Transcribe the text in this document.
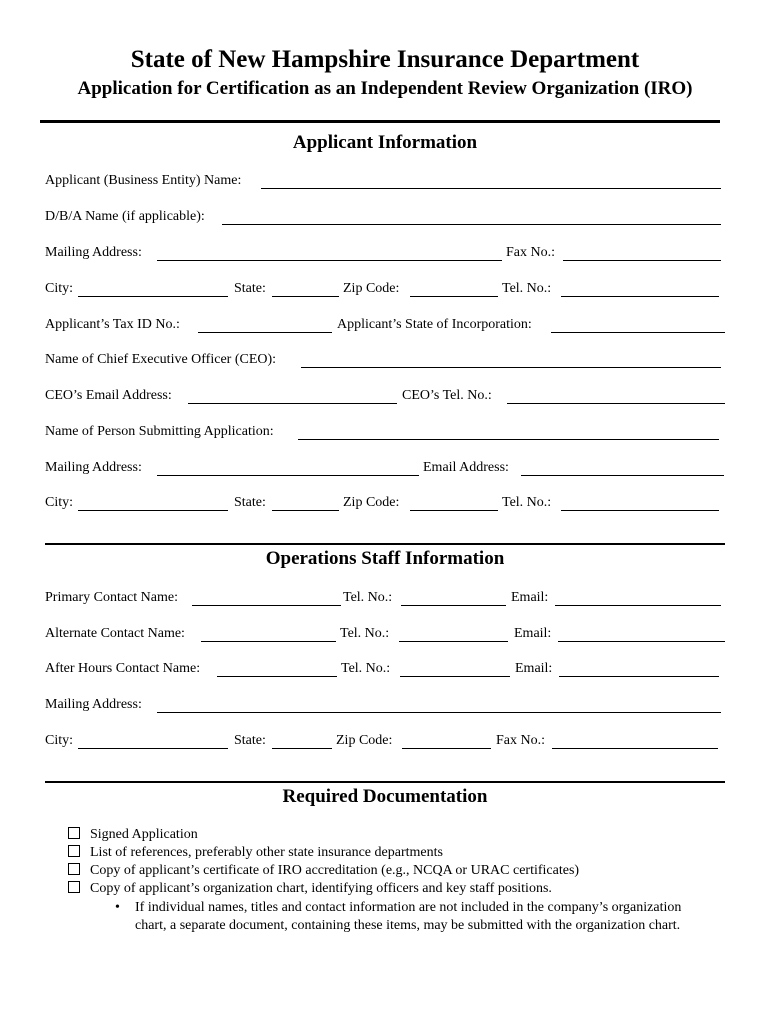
State of New Hampshire Insurance Department
Application for Certification as an Independent Review Organization (IRO)
Applicant Information
Applicant (Business Entity) Name:
D/B/A Name (if applicable):
Mailing Address:	Fax No.:
City:	State:	Zip Code:	Tel. No.:
Applicant’s Tax ID No.:	Applicant’s State of Incorporation:
Name of Chief Executive Officer (CEO):
CEO’s Email Address:	CEO’s Tel. No.:
Name of Person Submitting Application:
Mailing Address:	Email Address:
City:	State:	Zip Code:	Tel. No.:
Operations Staff Information
Primary Contact Name:	Tel. No.:	Email:
Alternate Contact Name:	Tel. No.:	Email:
After Hours Contact Name:	Tel. No.:	Email:
Mailing Address:
City:	State:	Zip Code:	Fax No.:
Required Documentation
Signed Application
List of references, preferably other state insurance departments
Copy of applicant’s certificate of IRO accreditation (e.g., NCQA or URAC certificates)
Copy of applicant’s organization chart, identifying officers and key staff positions.
• If individual names, titles and contact information are not included in the company’s organization chart, a separate document, containing these items, may be submitted with the organization chart.
